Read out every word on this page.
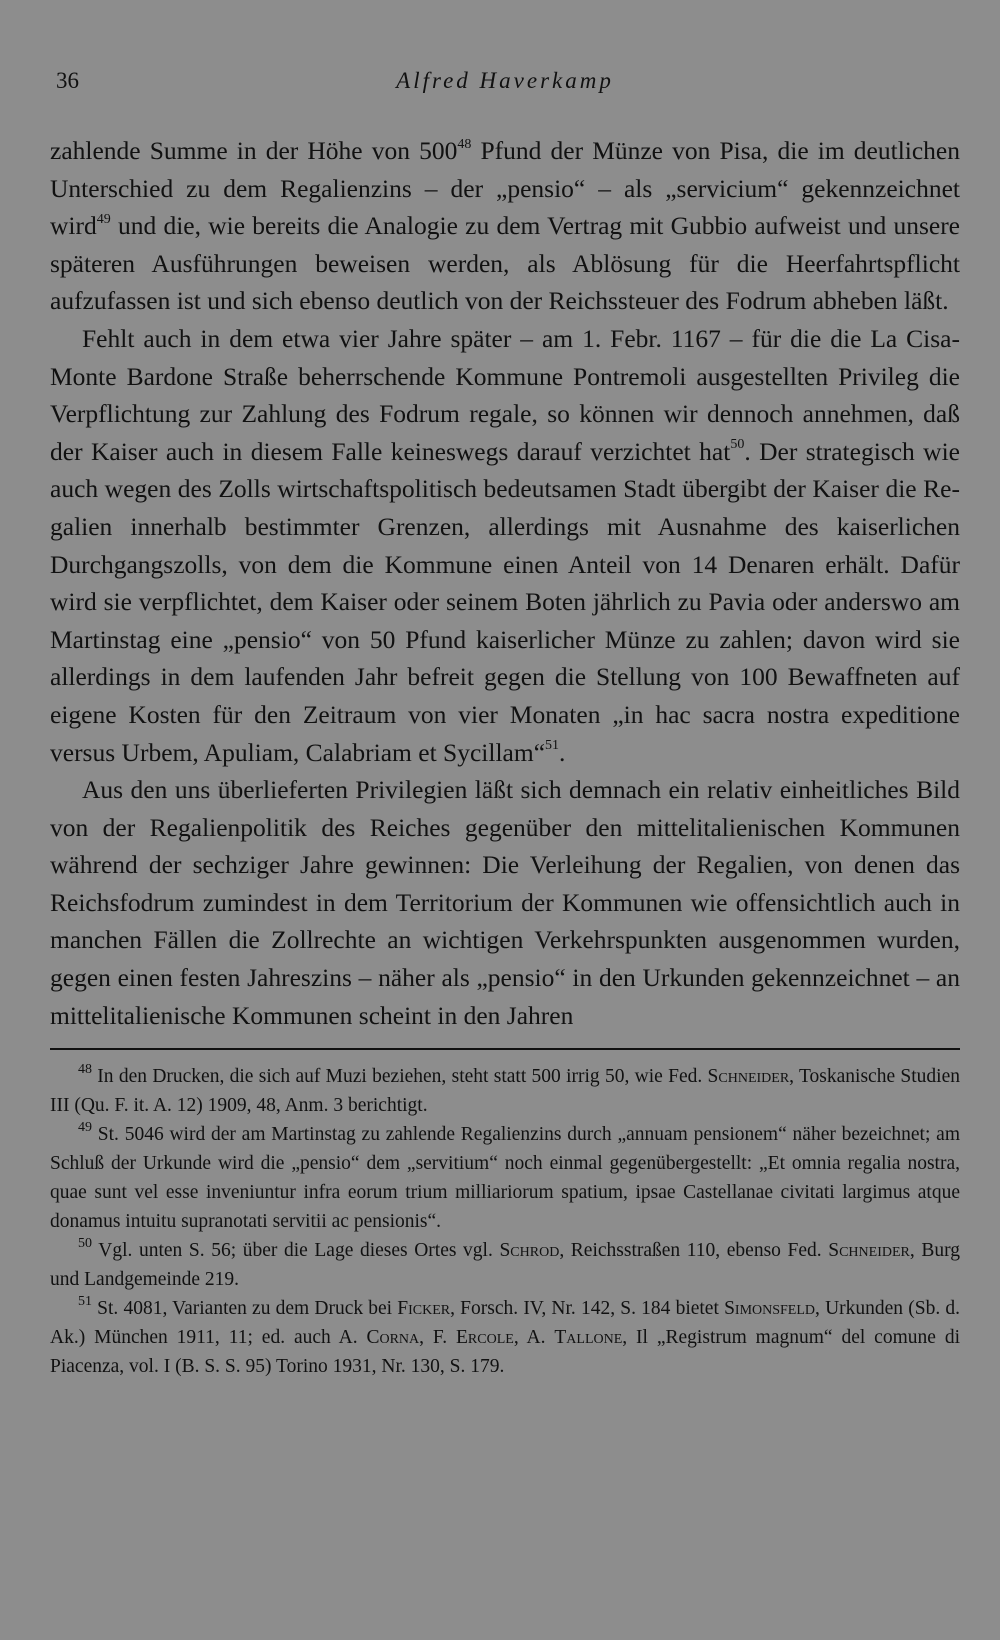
36	Alfred Haverkamp

zahlende Summe in der Höhe von $500^{48}$ Pfund der Münze von Pisa, die im deutlichen Unterschied zu dem Regalienzins – der „pensio“ – als „servicium“ gekennzeichnet wird$^{49}$ und die, wie bereits die Analogie zu dem Vertrag mit Gubbio aufweist und unsere späteren Ausführungen beweisen werden, als Ablösung für die Heerfahrtspflicht aufzufassen ist und sich ebenso deutlich von der Reichssteuer des Fodrum abheben läßt.

Fehlt auch in dem etwa vier Jahre später – am 1. Febr. 1167 – für die die La Cisa-Monte Bardone Straße beherrschende Kommune Pontremoli ausgestellten Privileg die Verpflichtung zur Zahlung des Fodrum regale, so können wir dennoch annehmen, daß der Kaiser auch in diesem Falle keineswegs darauf verzichtet hat$^{50}$. Der strategisch wie auch wegen des Zolls wirtschaftspolitisch bedeutsamen Stadt übergibt der Kaiser die Regalien innerhalb bestimmter Grenzen, allerdings mit Ausnahme des kaiserlichen Durchgangszolls, von dem die Kommune einen Anteil von 14 Denaren erhält. Dafür wird sie verpflichtet, dem Kaiser oder seinem Boten jährlich zu Pavia oder anderswo am Martinstag eine „pensio“ von 50 Pfund kaiserlicher Münze zu zahlen; davon wird sie allerdings in dem laufenden Jahr befreit gegen die Stellung von 100 Bewaffneten auf eigene Kosten für den Zeitraum von vier Monaten „in hac sacra nostra expeditione versus Urbem, Apuliam, Calabriam et Sycillam“$^{51}$.

Aus den uns überlieferten Privilegien läßt sich demnach ein relativ einheitliches Bild von der Regalienpolitik des Reiches gegenüber den mittelitalienischen Kommunen während der sechziger Jahre gewinnen: Die Verleihung der Regalien, von denen das Reichsfodrum zumindest in dem Territorium der Kommunen wie offensichtlich auch in manchen Fällen die Zollrechte an wichtigen Verkehrspunkten ausgenommen wurden, gegen einen festen Jahreszins – näher als „pensio“ in den Urkunden gekennzeichnet – an mittelitalienische Kommunen scheint in den Jahren

$^{48}$ In den Drucken, die sich auf Muzi beziehen, steht statt 500 irrig 50, wie Fed. Schneider, Toskanische Studien III (Qu. F. it. A. 12) 1909, 48, Anm. 3 berichtigt.

$^{49}$ St. 5046 wird der am Martinstag zu zahlende Regalienzins durch „annuam pensionem“ näher bezeichnet; am Schluß der Urkunde wird die „pensio“ dem „servitium“ noch einmal gegenübergestellt: „Et omnia regalia nostra, quae sunt vel esse inveniuntur infra eorum trium milliariorum spatium, ipsae Castellanae civitati largimus atque donamus intuitu supranotati servitii ac pensionis“.

$^{50}$ Vgl. unten S. 56; über die Lage dieses Ortes vgl. Schrod, Reichsstraßen 110, ebenso Fed. Schneider, Burg und Landgemeinde 219.

$^{51}$ St. 4081, Varianten zu dem Druck bei Ficker, Forsch. IV, Nr. 142, S. 184 bietet Simonsfeld, Urkunden (Sb. d. Ak.) München 1911, 11; ed. auch A. Corna, F. Ercole, A. Tallone, Il „Registrum magnum“ del comune di Piacenza, vol. I (B. S. S. 95) Torino 1931, Nr. 130, S. 179.
